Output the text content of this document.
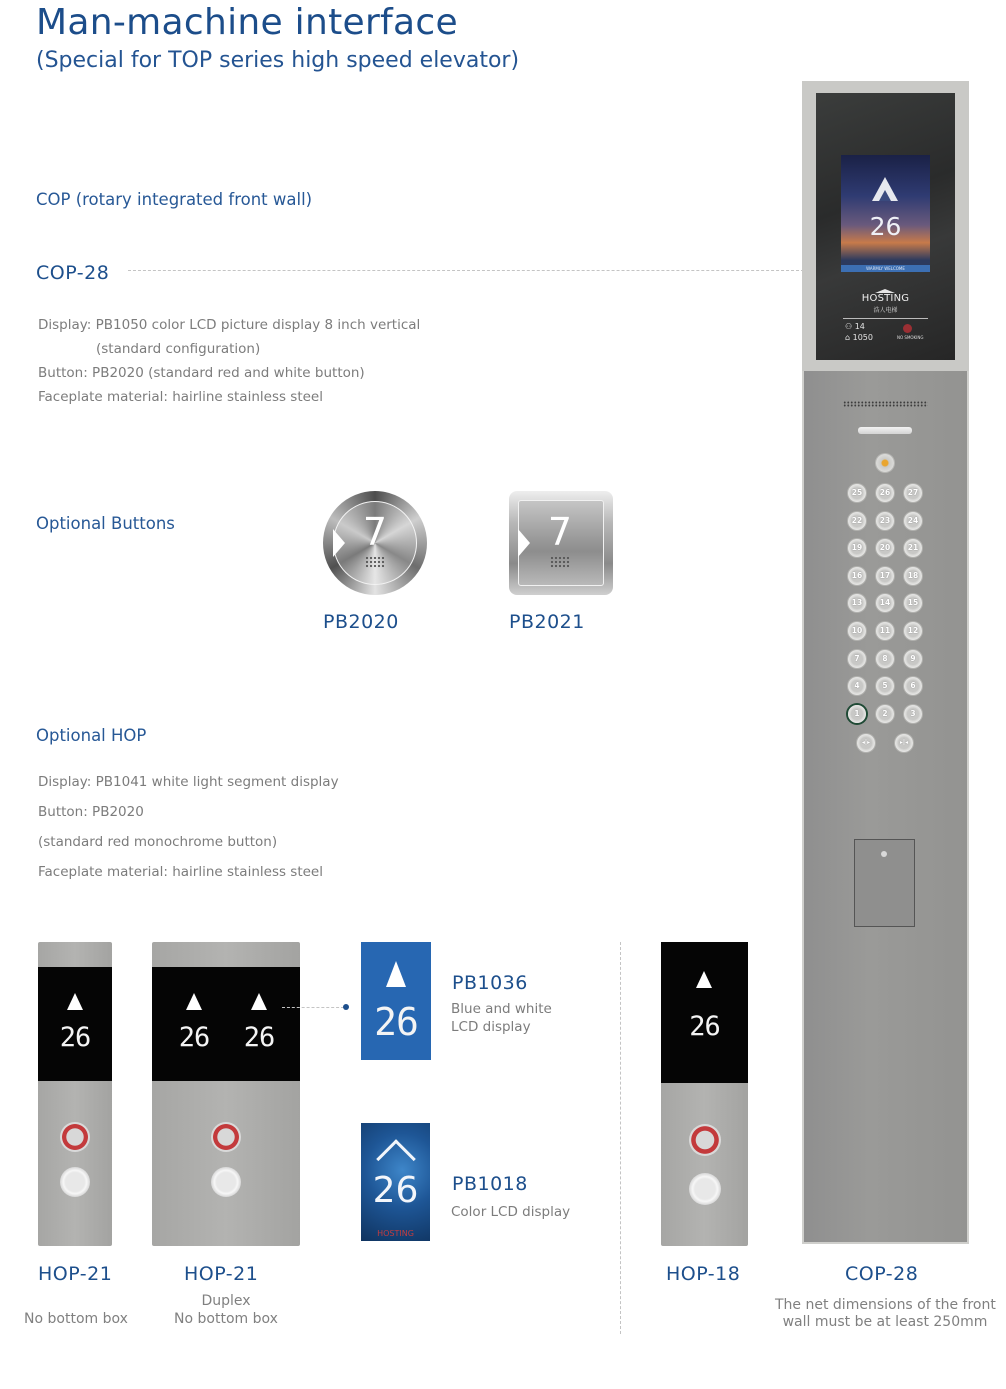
Man-machine interface
(Special for TOP series high speed elevator)
COP (rotary integrated front wall)
COP-28
Display: PB1050 color LCD picture display 8 inch vertical
(standard configuration)
Button: PB2020 (standard red and white button)
Faceplate material: hairline stainless steel
Optional Buttons	7
PB2020
7
PB2021
Optional HOP
Display: PB1041 white light segment display
Button: PB2020
(standard red monochrome button)
Faceplate material: hairline stainless steel
26
WARMLY WELCOME
HOSTING
浩人电梯
⚇ 14
⌂ 1050	NO SMOKING
25	26	27
22	23	24
19	20	21
16	17	18
13	14	15
10	11	12
7	8	9
4	5	6
1	2	3
◂|▸	▸|◂
26	26	26	26
PB1036
Blue and white
LCD display
26
HOSTING
PB1018
Color LCD display
26
HOP-21
No bottom box
HOP-21
Duplex
No bottom box
HOP-18	COP-28
The net dimensions of the front
wall must be at least 250mm
